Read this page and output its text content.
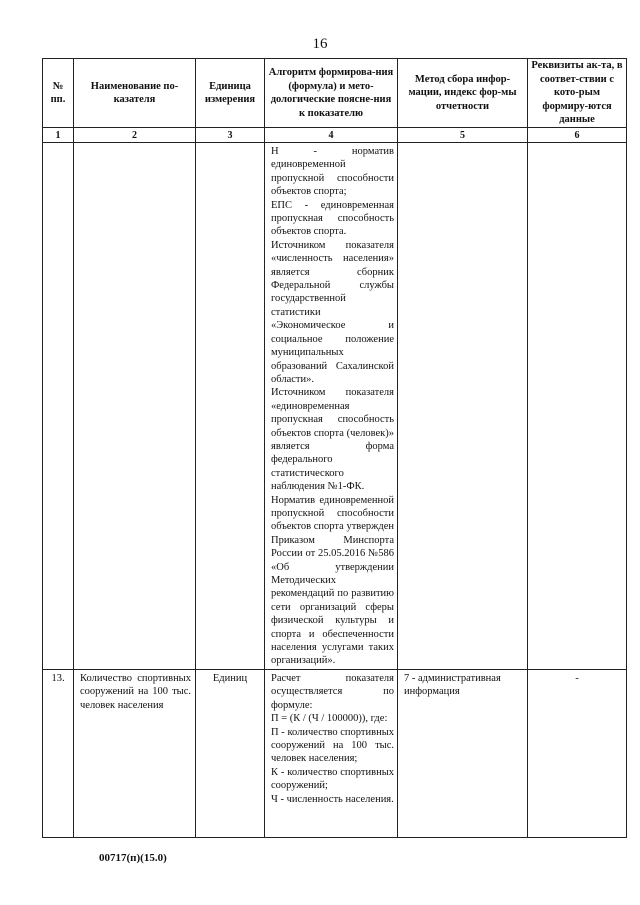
16
№ пп.	Наименование по-казателя	Единица измерения	Алгоритм формирова-ния (формула) и мето-дологические поясне-ния к показателю	Метод сбора инфор-мации, индекс фор-мы отчетности	Реквизиты ак-та, в соответ-ствии с кото-рым формиру-ются данные
1	2	3	4	5	6

			Н - норматив единовременной пропускной способности объектов спорта;

ЕПС - единовременная пропускная способность объектов спорта.

Источником показателя «численность населения» является сборник Федеральной службы государственной статистики «Экономическое и социальное положение муниципальных образований Сахалинской области».

Источником показателя «единовременная пропускная способность объектов спорта (человек)» является форма федерального статистического наблюдения №1-ФК.

Норматив единовременной пропускной способности объектов спорта утвержден Приказом Минспорта России от 25.05.2016 №586 «Об утверждении Методических рекомендаций по развитию сети организаций сферы физической культуры и спорта и обеспеченности населения услугами таких организаций».		

13.	Количество спортивных сооружений на 100 тыс. человек населения	Единиц	Расчет показателя осуществляется по формуле:

П = (К / (Ч / 100000)), где:

П - количество спортивных сооружений на 100 тыс. человек населения;

К - количество спортивных сооружений;

Ч - численность населения.	7 - административная информация	-
00717(п)(15.0)
